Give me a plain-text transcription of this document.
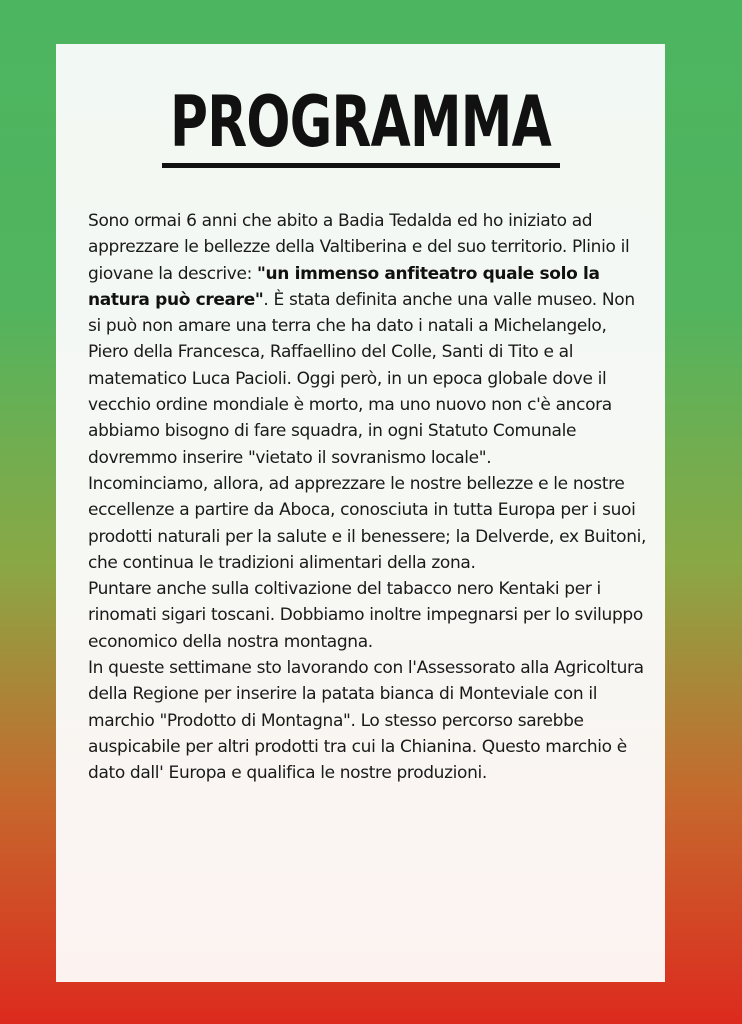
PROGRAMMA

Sono ormai 6 anni che abito a Badia Tedalda ed ho iniziato ad apprezzare le bellezze della Valtiberina e del suo territorio. Plinio il giovane la descrive: "un immenso anfiteatro quale solo la natura può creare". È stata definita anche una valle museo. Non si può non amare una terra che ha dato i natali a Michelangelo, Piero della Francesca, Raffaellino del Colle, Santi di Tito e al matematico Luca Pacioli. Oggi però, in un epoca globale dove il vecchio ordine mondiale è morto, ma uno nuovo non c'è ancora abbiamo bisogno di fare squadra, in ogni Statuto Comunale dovremmo inserire "vietato il sovranismo locale".

Incominciamo, allora, ad apprezzare le nostre bellezze e le nostre eccellenze a partire da Aboca, conosciuta in tutta Europa per i suoi prodotti naturali per la salute e il benessere; la Delverde, ex Buitoni, che continua le tradizioni alimentari della zona.

Puntare anche sulla coltivazione del tabacco nero Kentaki per i rinomati sigari toscani. Dobbiamo inoltre impegnarsi per lo sviluppo economico della nostra montagna.

In queste settimane sto lavorando con l'Assessorato alla Agricoltura della Regione per inserire la patata bianca di Monteviale con il marchio "Prodotto di Montagna". Lo stesso percorso sarebbe auspicabile per altri prodotti tra cui la Chianina. Questo marchio è dato dall' Europa e qualifica le nostre produzioni.
